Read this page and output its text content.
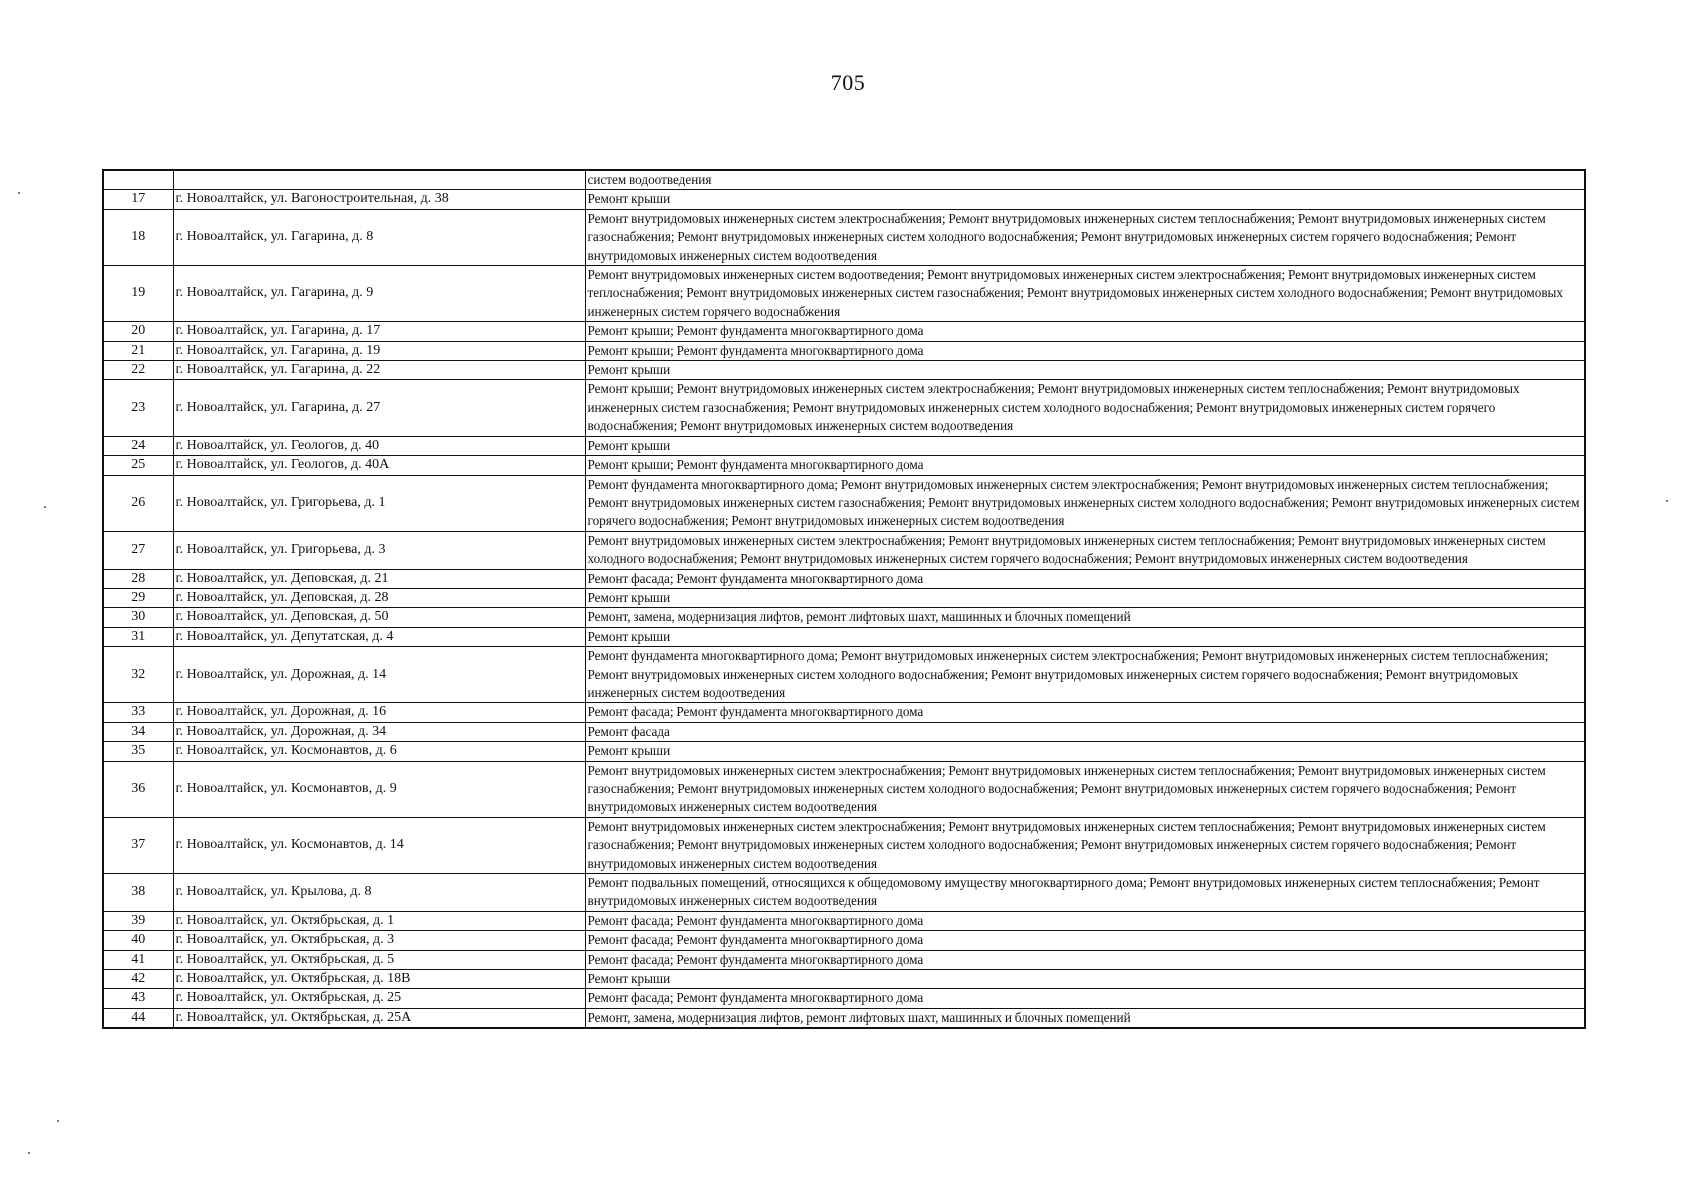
705
		систем водоотведения
17	г. Новоалтайск, ул. Вагоностроительная, д. 38	Ремонт крыши
18	г. Новоалтайск, ул. Гагарина, д. 8	Ремонт внутридомовых инженерных систем электроснабжения; Ремонт внутридомовых инженерных систем теплоснабжения; Ремонт внутридомовых инженерных систем газоснабжения; Ремонт внутридомовых инженерных систем холодного водоснабжения; Ремонт внутридомовых инженерных систем горячего водоснабжения; Ремонт внутридомовых инженерных систем водоотведения
19	г. Новоалтайск, ул. Гагарина, д. 9	Ремонт внутридомовых инженерных систем водоотведения; Ремонт внутридомовых инженерных систем электроснабжения; Ремонт внутридомовых инженерных систем теплоснабжения; Ремонт внутридомовых инженерных систем газоснабжения; Ремонт внутридомовых инженерных систем холодного водоснабжения; Ремонт внутридомовых инженерных систем горячего водоснабжения
20	г. Новоалтайск, ул. Гагарина, д. 17	Ремонт крыши; Ремонт фундамента многоквартирного дома
21	г. Новоалтайск, ул. Гагарина, д. 19	Ремонт крыши; Ремонт фундамента многоквартирного дома
22	г. Новоалтайск, ул. Гагарина, д. 22	Ремонт крыши
23	г. Новоалтайск, ул. Гагарина, д. 27	Ремонт крыши; Ремонт внутридомовых инженерных систем электроснабжения; Ремонт внутридомовых инженерных систем теплоснабжения; Ремонт внутридомовых инженерных систем газоснабжения; Ремонт внутридомовых инженерных систем холодного водоснабжения; Ремонт внутридомовых инженерных систем горячего водоснабжения; Ремонт внутридомовых инженерных систем водоотведения
24	г. Новоалтайск, ул. Геологов, д. 40	Ремонт крыши
25	г. Новоалтайск, ул. Геологов, д. 40А	Ремонт крыши; Ремонт фундамента многоквартирного дома
26	г. Новоалтайск, ул. Григорьева, д. 1	Ремонт фундамента многоквартирного дома; Ремонт внутридомовых инженерных систем электроснабжения; Ремонт внутридомовых инженерных систем теплоснабжения; Ремонт внутридомовых инженерных систем газоснабжения; Ремонт внутридомовых инженерных систем холодного водоснабжения; Ремонт внутридомовых инженерных систем горячего водоснабжения; Ремонт внутридомовых инженерных систем водоотведения
27	г. Новоалтайск, ул. Григорьева, д. 3	Ремонт внутридомовых инженерных систем электроснабжения; Ремонт внутридомовых инженерных систем теплоснабжения; Ремонт внутридомовых инженерных систем холодного водоснабжения; Ремонт внутридомовых инженерных систем горячего водоснабжения; Ремонт внутридомовых инженерных систем водоотведения
28	г. Новоалтайск, ул. Деповская, д. 21	Ремонт фасада; Ремонт фундамента многоквартирного дома
29	г. Новоалтайск, ул. Деповская, д. 28	Ремонт крыши
30	г. Новоалтайск, ул. Деповская, д. 50	Ремонт, замена, модернизация лифтов, ремонт лифтовых шахт, машинных и блочных помещений
31	г. Новоалтайск, ул. Депутатская, д. 4	Ремонт крыши
32	г. Новоалтайск, ул. Дорожная, д. 14	Ремонт фундамента многоквартирного дома; Ремонт внутридомовых инженерных систем электроснабжения; Ремонт внутридомовых инженерных систем теплоснабжения; Ремонт внутридомовых инженерных систем холодного водоснабжения; Ремонт внутридомовых инженерных систем горячего водоснабжения; Ремонт внутридомовых инженерных систем водоотведения
33	г. Новоалтайск, ул. Дорожная, д. 16	Ремонт фасада; Ремонт фундамента многоквартирного дома
34	г. Новоалтайск, ул. Дорожная, д. 34	Ремонт фасада
35	г. Новоалтайск, ул. Космонавтов, д. 6	Ремонт крыши
36	г. Новоалтайск, ул. Космонавтов, д. 9	Ремонт внутридомовых инженерных систем электроснабжения; Ремонт внутридомовых инженерных систем теплоснабжения; Ремонт внутридомовых инженерных систем газоснабжения; Ремонт внутридомовых инженерных систем холодного водоснабжения; Ремонт внутридомовых инженерных систем горячего водоснабжения; Ремонт внутридомовых инженерных систем водоотведения
37	г. Новоалтайск, ул. Космонавтов, д. 14	Ремонт внутридомовых инженерных систем электроснабжения; Ремонт внутридомовых инженерных систем теплоснабжения; Ремонт внутридомовых инженерных систем газоснабжения; Ремонт внутридомовых инженерных систем холодного водоснабжения; Ремонт внутридомовых инженерных систем горячего водоснабжения; Ремонт внутридомовых инженерных систем водоотведения
38	г. Новоалтайск, ул. Крылова, д. 8	Ремонт подвальных помещений, относящихся к общедомовому имуществу многоквартирного дома; Ремонт внутридомовых инженерных систем теплоснабжения; Ремонт внутридомовых инженерных систем водоотведения
39	г. Новоалтайск, ул. Октябрьская, д. 1	Ремонт фасада; Ремонт фундамента многоквартирного дома
40	г. Новоалтайск, ул. Октябрьская, д. 3	Ремонт фасада; Ремонт фундамента многоквартирного дома
41	г. Новоалтайск, ул. Октябрьская, д. 5	Ремонт фасада; Ремонт фундамента многоквартирного дома
42	г. Новоалтайск, ул. Октябрьская, д. 18В	Ремонт крыши
43	г. Новоалтайск, ул. Октябрьская, д. 25	Ремонт фасада; Ремонт фундамента многоквартирного дома
44	г. Новоалтайск, ул. Октябрьская, д. 25А	Ремонт, замена, модернизация лифтов, ремонт лифтовых шахт, машинных и блочных помещений
